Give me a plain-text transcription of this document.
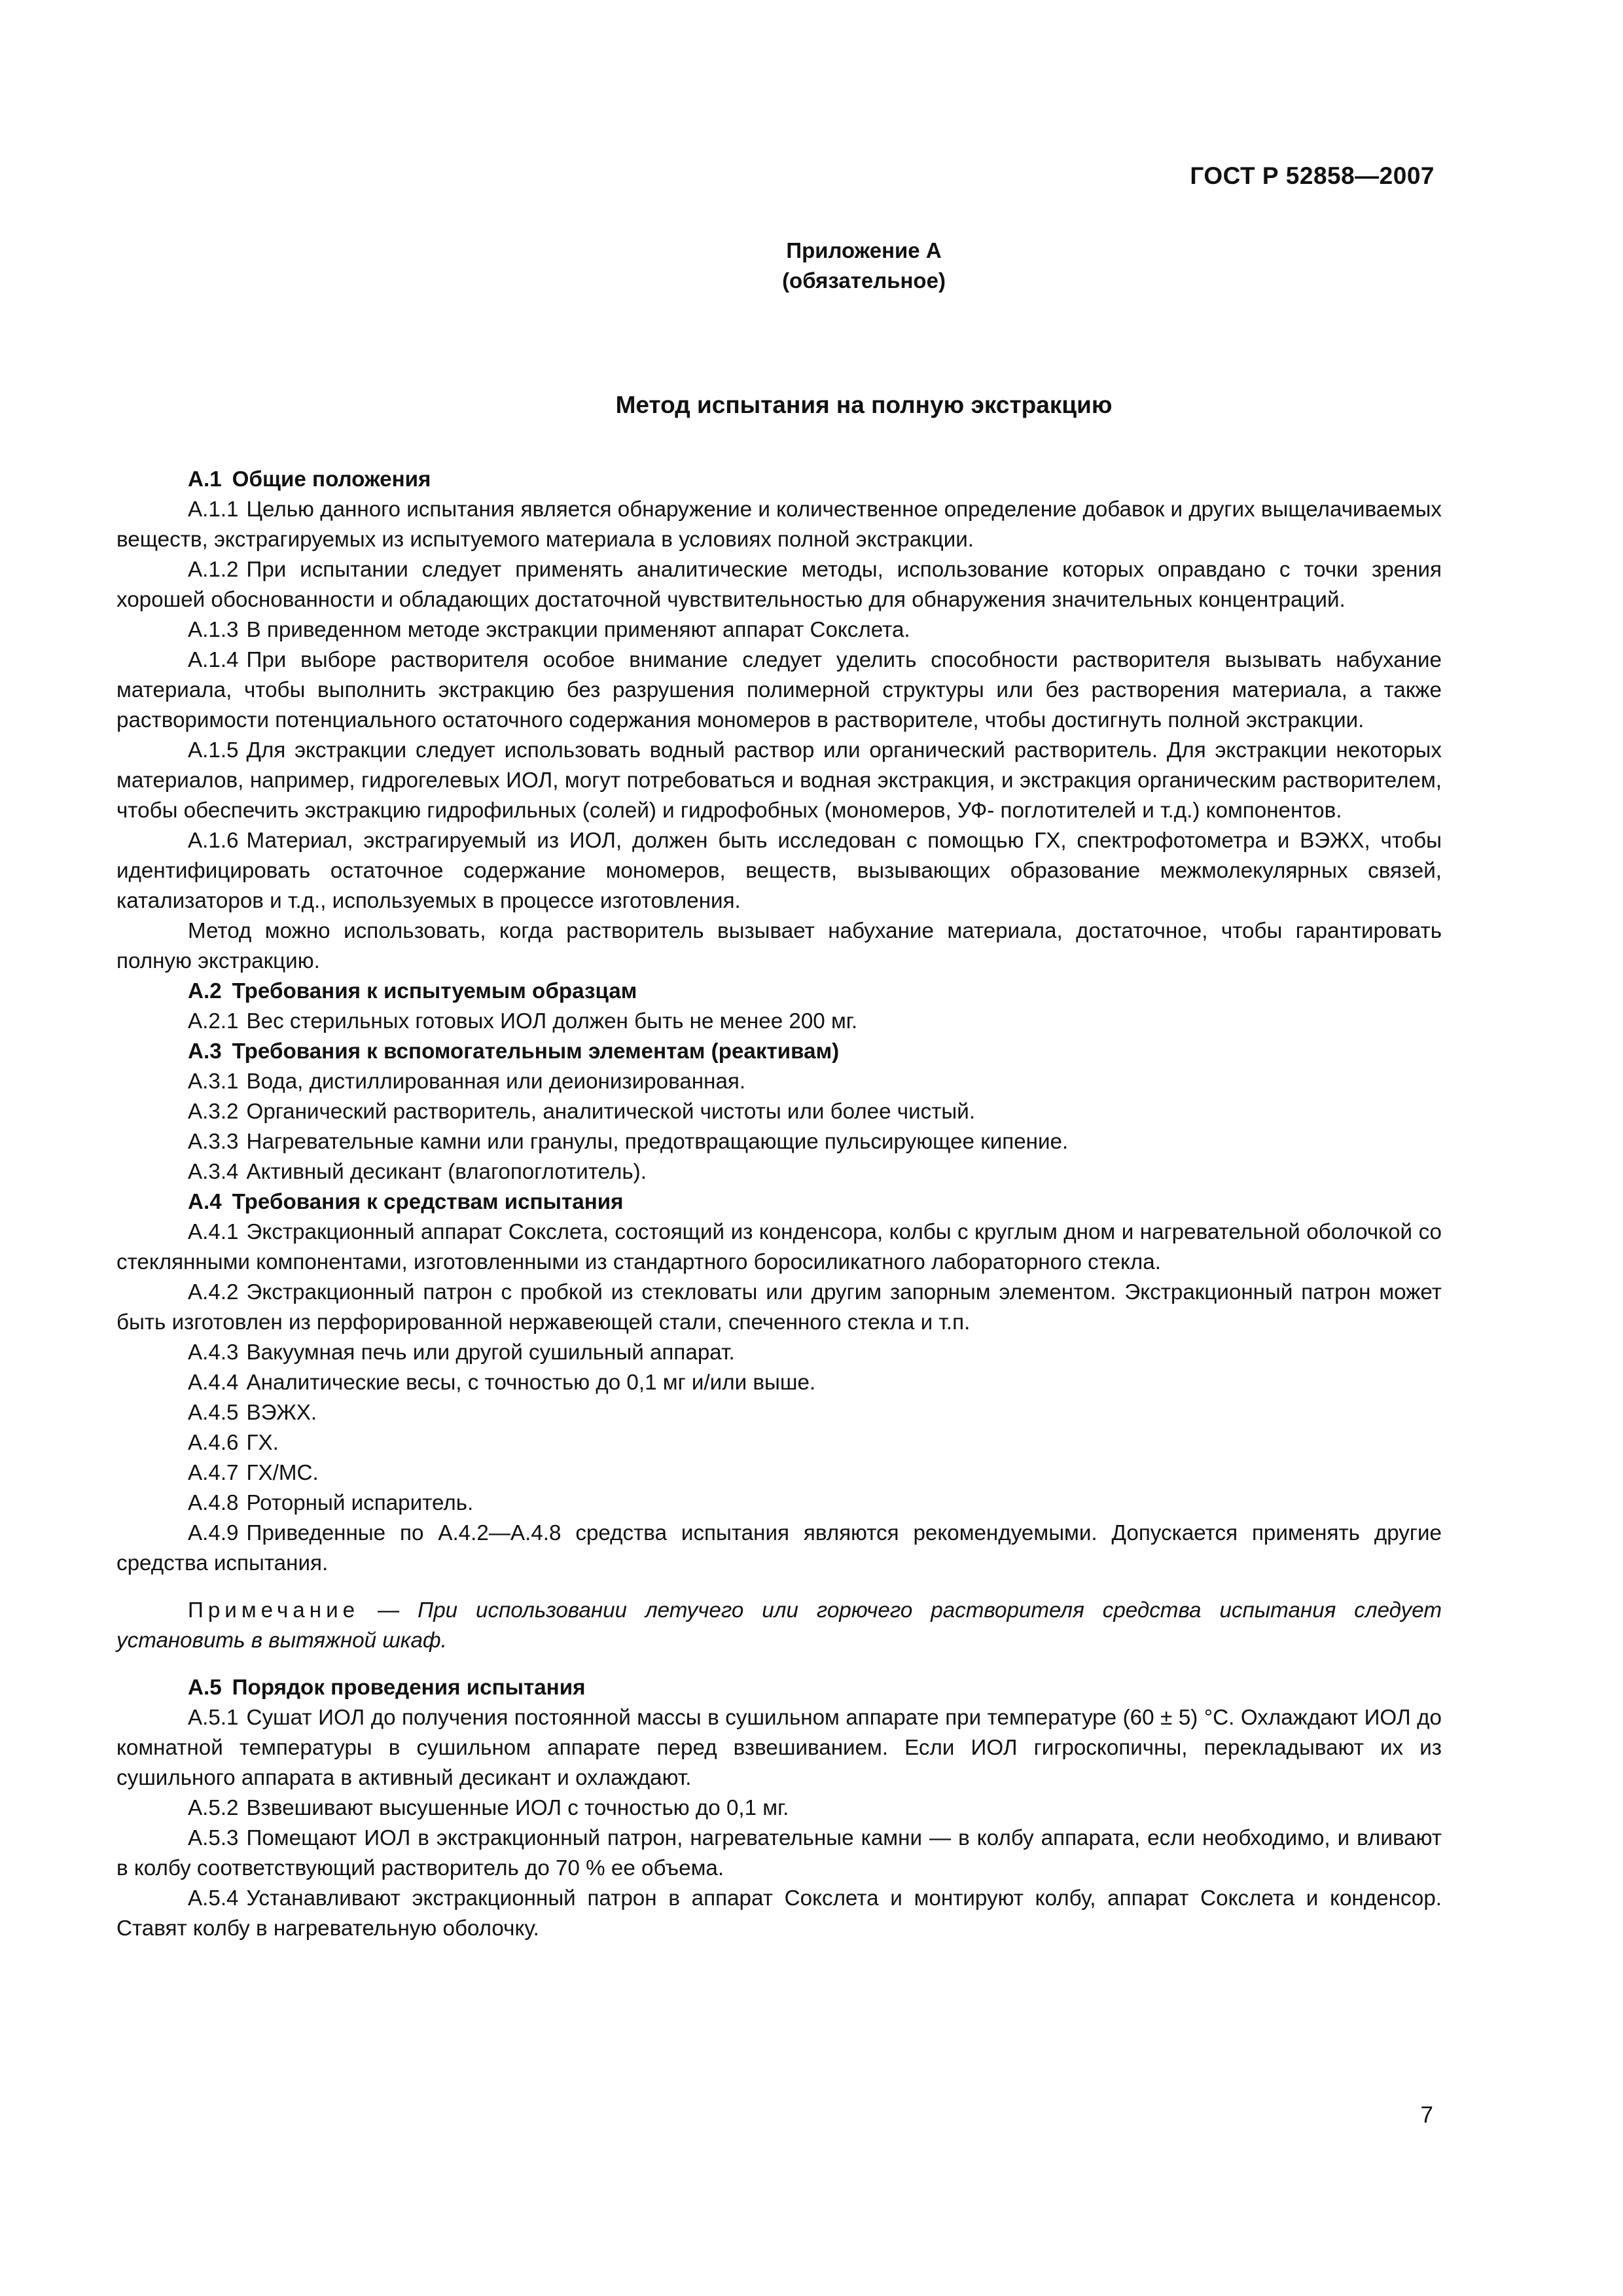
ГОСТ Р 52858—2007
Приложение А
(обязательное)
Метод испытания на полную экстракцию

А.1 Общие положения

А.1.1 Целью данного испытания является обнаружение и количественное определение добавок и других выщелачиваемых веществ, экстрагируемых из испытуемого материала в условиях полной экстракции.

А.1.2 При испытании следует применять аналитические методы, использование которых оправдано с точки зрения хорошей обоснованности и обладающих достаточной чувствительностью для обнаружения значительных концентраций.

А.1.3 В приведенном методе экстракции применяют аппарат Сокслета.

А.1.4 При выборе растворителя особое внимание следует уделить способности растворителя вызывать набухание материала, чтобы выполнить экстракцию без разрушения полимерной структуры или без растворения материала, а также растворимости потенциального остаточного содержания мономеров в растворителе, чтобы достигнуть полной экстракции.

А.1.5 Для экстракции следует использовать водный раствор или органический растворитель. Для экстракции некоторых материалов, например, гидрогелевых ИОЛ, могут потребоваться и водная экстракция, и экстракция органическим растворителем, чтобы обеспечить экстракцию гидрофильных (солей) и гидрофобных (мономеров, УФ- поглотителей и т.д.) компонентов.

А.1.6 Материал, экстрагируемый из ИОЛ, должен быть исследован с помощью ГХ, спектрофотометра и ВЭЖХ, чтобы идентифицировать остаточное содержание мономеров, веществ, вызывающих образование межмолекулярных связей, катализаторов и т.д., используемых в процессе изготовления.

Метод можно использовать, когда растворитель вызывает набухание материала, достаточное, чтобы гарантировать полную экстракцию.

А.2 Требования к испытуемым образцам

А.2.1 Вес стерильных готовых ИОЛ должен быть не менее 200 мг.

А.3 Требования к вспомогательным элементам (реактивам)

А.3.1 Вода, дистиллированная или деионизированная.

А.3.2 Органический растворитель, аналитической чистоты или более чистый.

А.3.3 Нагревательные камни или гранулы, предотвращающие пульсирующее кипение.

А.3.4 Активный десикант (влагопоглотитель).

А.4 Требования к средствам испытания

А.4.1 Экстракционный аппарат Сокслета, состоящий из конденсора, колбы с круглым дном и нагревательной оболочкой со стеклянными компонентами, изготовленными из стандартного боросиликатного лабораторного стекла.

А.4.2 Экстракционный патрон с пробкой из стекловаты или другим запорным элементом. Экстракционный патрон может быть изготовлен из перфорированной нержавеющей стали, спеченного стекла и т.п.

А.4.3 Вакуумная печь или другой сушильный аппарат.

А.4.4 Аналитические весы, с точностью до 0,1 мг и/или выше.

А.4.5 ВЭЖХ.

А.4.6 ГХ.

А.4.7 ГХ/МС.

А.4.8 Роторный испаритель.

А.4.9 Приведенные по А.4.2—А.4.8 средства испытания являются рекомендуемыми. Допускается применять другие средства испытания.

Примечание — При использовании летучего или горючего растворителя средства испытания следует установить в вытяжной шкаф.

А.5 Порядок проведения испытания

А.5.1 Сушат ИОЛ до получения постоянной массы в сушильном аппарате при температуре (60 ± 5) °С. Охлаждают ИОЛ до комнатной температуры в сушильном аппарате перед взвешиванием. Если ИОЛ гигроскопичны, перекладывают их из сушильного аппарата в активный десикант и охлаждают.

А.5.2 Взвешивают высушенные ИОЛ с точностью до 0,1 мг.

А.5.3 Помещают ИОЛ в экстракционный патрон, нагревательные камни — в колбу аппарата, если необходимо, и вливают в колбу соответствующий растворитель до 70 % ее объема.

А.5.4 Устанавливают экстракционный патрон в аппарат Сокслета и монтируют колбу, аппарат Сокслета и конденсор. Ставят колбу в нагревательную оболочку.

7
